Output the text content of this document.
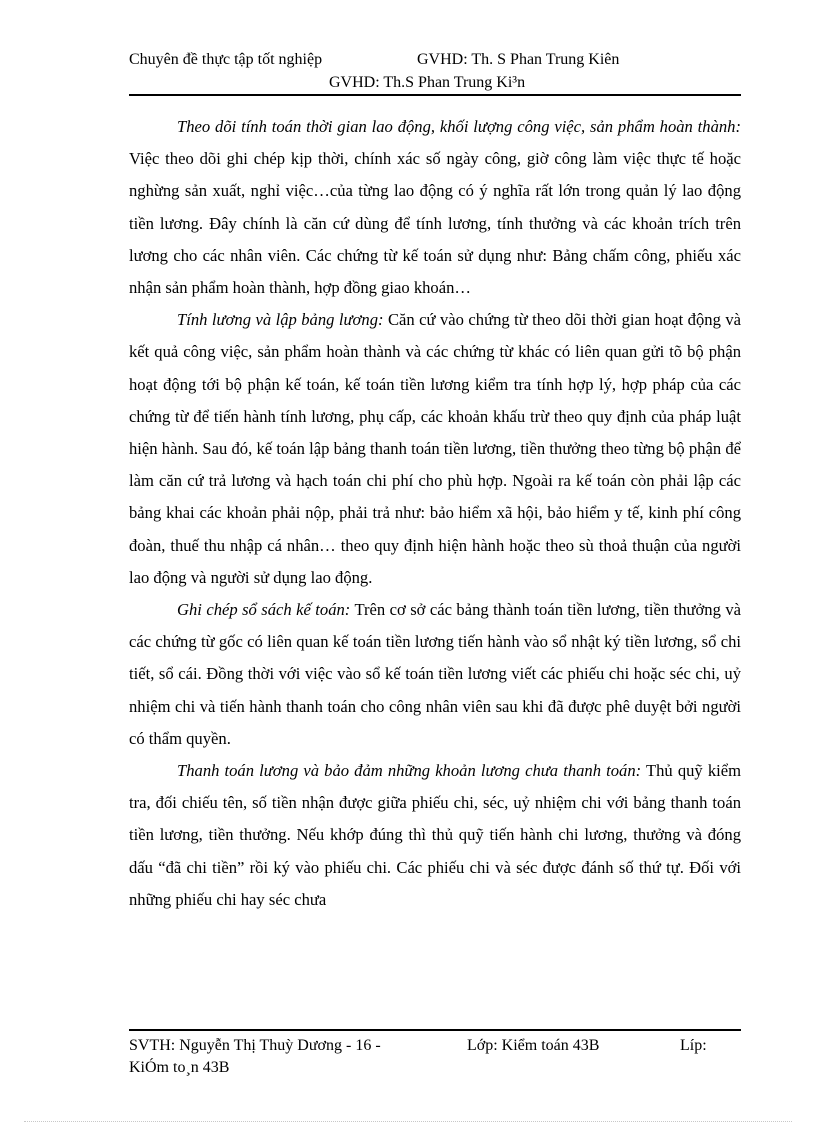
Chuyên đề thực tập tốt nghiệp	GVHD: Th. S Phan Trung Kiên
GVHD: Th.S Phan Trung Ki³n

Theo dõi tính toán thời gian lao động, khối lượng công việc, sản phẩm hoàn thành: Việc theo dõi ghi chép kịp thời, chính xác số ngày công, giờ công làm việc thực tế hoặc nghừng sản xuất, nghỉ việc…của từng lao động có ý nghĩa rất lớn trong quản lý lao động tiền lương. Đây chính là căn cứ dùng để tính lương, tính thưởng và các khoản trích trên lương cho các nhân viên. Các chứng từ kế toán sử dụng như: Bảng chấm công, phiếu xác nhận sản phẩm hoàn thành, hợp đồng giao khoán…

Tính lương và lập bảng lương: Căn cứ vào chứng từ theo dõi thời gian hoạt động và kết quả công việc, sản phẩm hoàn thành và các chứng từ khác có liên quan gửi tõ bộ phận hoạt động tới bộ phận kế toán, kế toán tiền lương kiểm tra tính hợp lý, hợp pháp của các chứng từ để tiến hành tính lương, phụ cấp, các khoản khấu trừ theo quy định của pháp luật hiện hành. Sau đó, kế toán lập bảng thanh toán tiền lương, tiền thưởng theo từng bộ phận để làm căn cứ trả lương và hạch toán chi phí cho phù hợp. Ngoài ra kế toán còn phải lập các bảng khai các khoản phải nộp, phải trả như: bảo hiểm xã hội, bảo hiểm y tế, kinh phí công đoàn, thuế thu nhập cá nhân… theo quy định hiện hành hoặc theo sù thoả thuận của người lao động và người sử dụng lao động.

Ghi chép sổ sách kế toán: Trên cơ sở các bảng thành toán tiền lương, tiền thưởng và các chứng từ gốc có liên quan kế toán tiền lương tiến hành vào sổ nhật ký tiền lương, sổ chi tiết, sổ cái. Đồng thời với việc vào sổ kế toán tiền lương viết các phiếu chi hoặc séc chi, uỷ nhiệm chi và tiến hành thanh toán cho công nhân viên sau khi đã được phê duyệt bởi người có thẩm quyền.

Thanh toán lương và bảo đảm những khoản lương chưa thanh toán: Thủ quỹ kiểm tra, đối chiếu tên, số tiền nhận được giữa phiếu chi, séc, uỷ nhiệm chi với bảng thanh toán tiền lương, tiền thưởng. Nếu khớp đúng thì thủ quỹ tiến hành chi lương, thưởng và đóng dấu “đã chi tiền” rồi ký vào phiếu chi. Các phiếu chi và séc được đánh số thứ tự. Đối với những phiếu chi hay séc chưa

SVTH: Nguyễn Thị Thuỳ Dương - 16 -	Lớp: Kiểm toán 43B	Líp:
KiÓm to¸n 43B
